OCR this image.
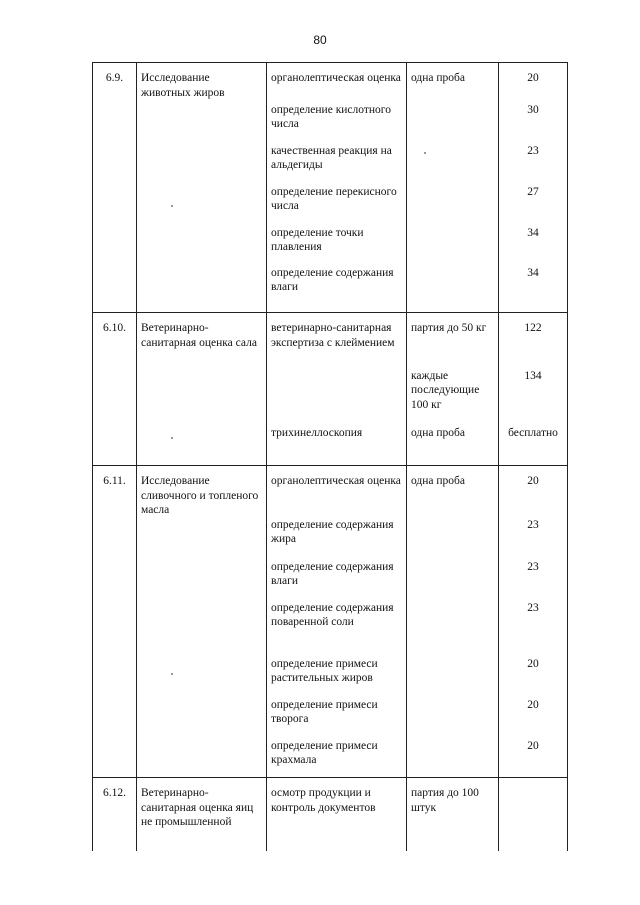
80
6.9.	Исследование животных жиров	органолептическая оценка	одна проба	20
		определение кислотного числа		30
		качественная реакция на альдегиды		23
		определение перекисного числа		27
		определение точки плавления		34
		определение содержания влаги		34
6.10.	Ветеринарно-санитарная оценка сала	ветеринарно-санитарная экспертиза с клеймением	партия до 50 кг	122
			каждые последующие 100 кг	134
		трихинеллоскопия	одна проба	бесплатно
6.11.	Исследование сливочного и топленого масла	органолептическая оценка	одна проба	20
		определение содержания жира		23
		определение содержания влаги		23
		определение содержания поваренной соли		23
		определение примеси растительных жиров		20
		определение примеси творога		20
		определение примеси крахмала		20
6.12.	Ветеринарно-санитарная оценка яиц не промышленной	осмотр продукции и контроль документов	партия до 100 штук	
